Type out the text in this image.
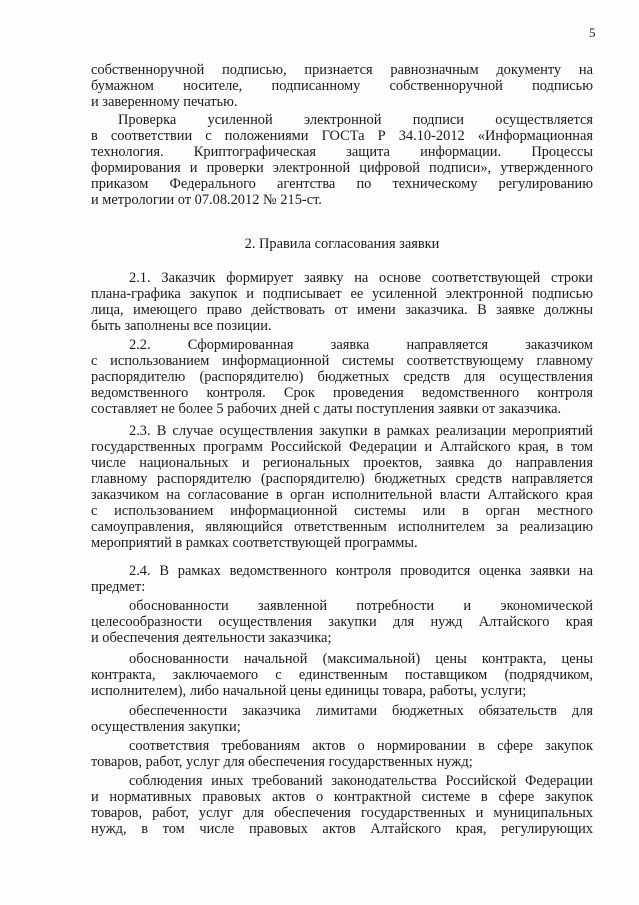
5
собственноручной подписью, признается равнозначным документу на
бумажном носителе, подписанному собственноручной подписью
и заверенному печатью.
Проверка усиленной электронной подписи осуществляется
в соответствии с положениями ГОСТа Р 34.10-2012 «Информационная
технология. Криптографическая защита информации. Процессы
формирования и проверки электронной цифровой подписи», утвержденного
приказом Федерального агентства по техническому регулированию
и метрологии от 07.08.2012 № 215-ст.
2. Правила согласования заявки
2.1. Заказчик формирует заявку на основе соответствующей строки
плана-графика закупок и подписывает ее усиленной электронной подписью
лица, имеющего право действовать от имени заказчика. В заявке должны
быть заполнены все позиции.
2.2. Сформированная заявка направляется заказчиком
с использованием информационной системы соответствующему главному
распорядителю (распорядителю) бюджетных средств для осуществления
ведомственного контроля. Срок проведения ведомственного контроля
составляет не более 5 рабочих дней с даты поступления заявки от заказчика.
2.3. В случае осуществления закупки в рамках реализации мероприятий
государственных программ Российской Федерации и Алтайского края, в том
числе национальных и региональных проектов, заявка до направления
главному распорядителю (распорядителю) бюджетных средств направляется
заказчиком на согласование в орган исполнительной власти Алтайского края
с использованием информационной системы или в орган местного
самоуправления, являющийся ответственным исполнителем за реализацию
мероприятий в рамках соответствующей программы.
2.4. В рамках ведомственного контроля проводится оценка заявки на
предмет:
обоснованности заявленной потребности и экономической
целесообразности осуществления закупки для нужд Алтайского края
и обеспечения деятельности заказчика;
обоснованности начальной (максимальной) цены контракта, цены
контракта, заключаемого с единственным поставщиком (подрядчиком,
исполнителем), либо начальной цены единицы товара, работы, услуги;
обеспеченности заказчика лимитами бюджетных обязательств для
осуществления закупки;
соответствия требованиям актов о нормировании в сфере закупок
товаров, работ, услуг для обеспечения государственных нужд;
соблюдения иных требований законодательства Российской Федерации
и нормативных правовых актов о контрактной системе в сфере закупок
товаров, работ, услуг для обеспечения государственных и муниципальных
нужд, в том числе правовых актов Алтайского края, регулирующих
